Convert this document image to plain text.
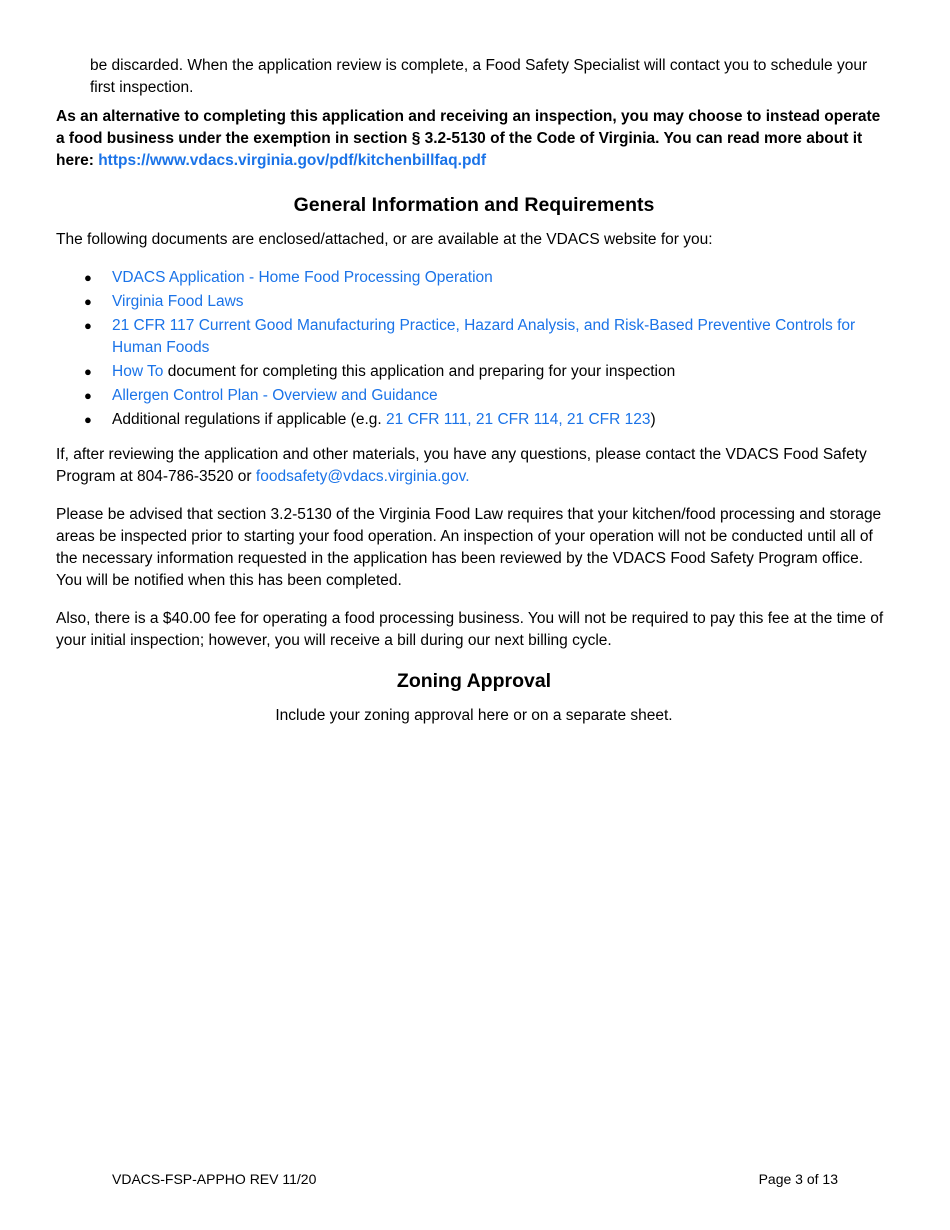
be discarded. When the application review is complete, a Food Safety Specialist will contact you to schedule your first inspection.

As an alternative to completing this application and receiving an inspection, you may choose to instead operate a food business under the exemption in section § 3.2-5130 of the Code of Virginia. You can read more about it here: https://www.vdacs.virginia.gov/pdf/kitchenbillfaq.pdf

General Information and Requirements

The following documents are enclosed/attached, or are available at the VDACS website for you:

● VDACS Application - Home Food Processing Operation
● Virginia Food Laws
● 21 CFR 117 Current Good Manufacturing Practice, Hazard Analysis, and Risk-Based Preventive Controls for Human Foods
● How To document for completing this application and preparing for your inspection
● Allergen Control Plan - Overview and Guidance
● Additional regulations if applicable (e.g. 21 CFR 111, 21 CFR 114, 21 CFR 123)

If, after reviewing the application and other materials, you have any questions, please contact the VDACS Food Safety Program at 804-786-3520 or foodsafety@vdacs.virginia.gov.

Please be advised that section 3.2-5130 of the Virginia Food Law requires that your kitchen/food processing and storage areas be inspected prior to starting your food operation. An inspection of your operation will not be conducted until all of the necessary information requested in the application has been reviewed by the VDACS Food Safety Program office. You will be notified when this has been completed.

Also, there is a $40.00 fee for operating a food processing business. You will not be required to pay this fee at the time of your initial inspection; however, you will receive a bill during our next billing cycle.

Zoning Approval

Include your zoning approval here or on a separate sheet.

VDACS-FSP-APPHO REV 11/20	Page 3 of 13
